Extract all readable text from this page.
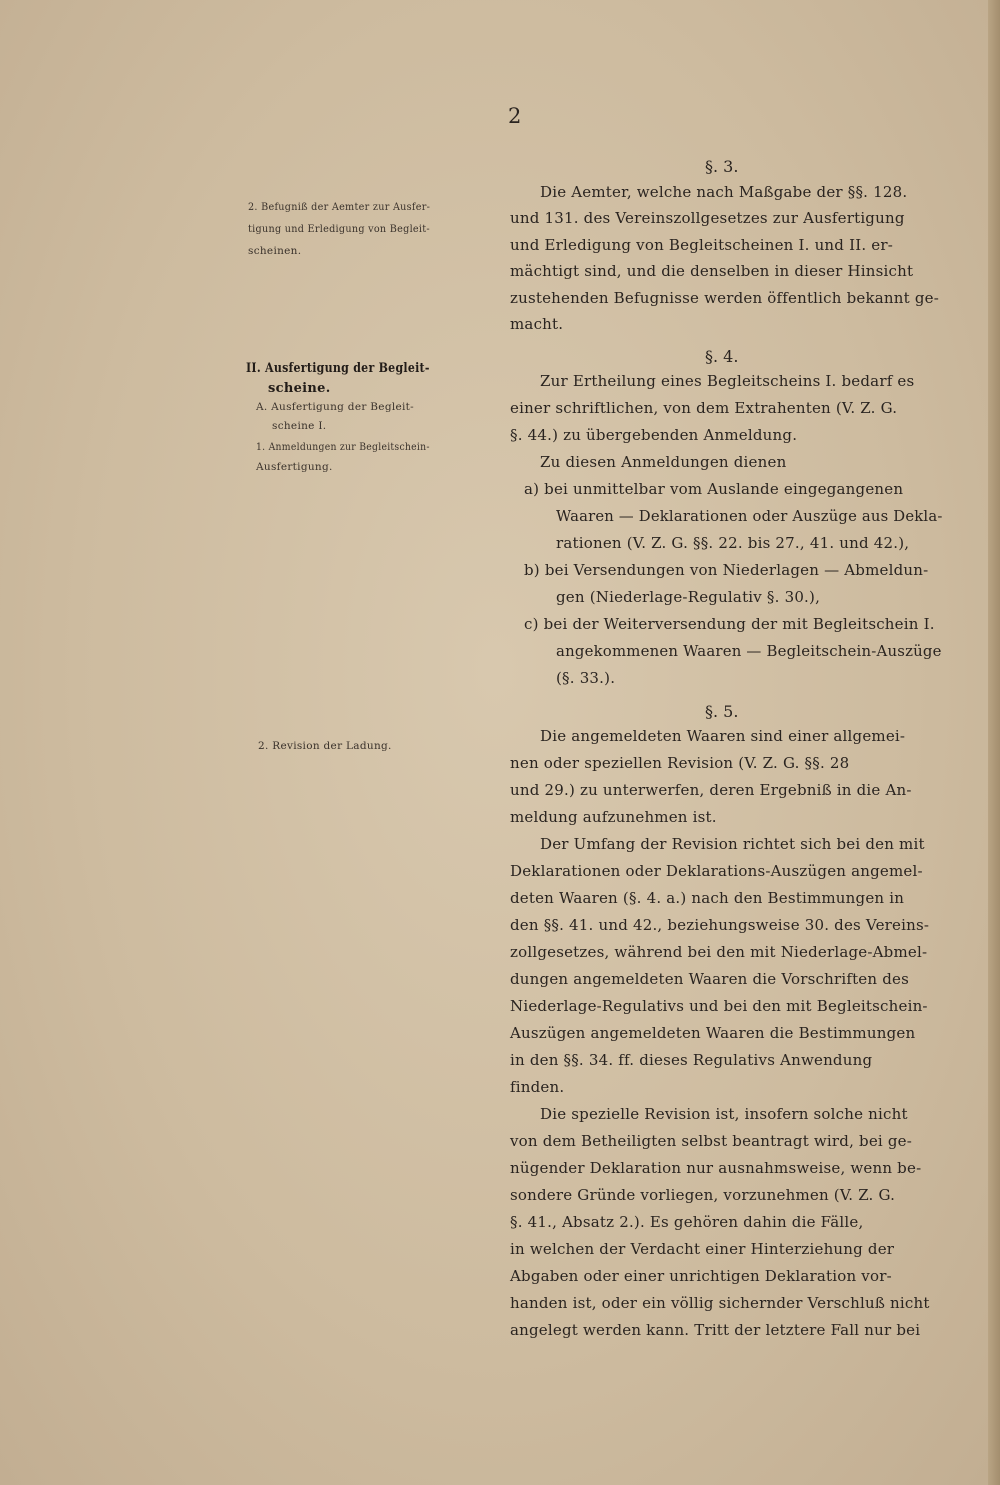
2
2. Befugniß der Aemter zur Ausfer-
tigung und Erledigung von Begleit-
scheinen.
II. Ausfertigung der Begleit-
scheine.
A. Ausfertigung der Begleit-
scheine I.
1. Anmeldungen zur Begleitschein-
Ausfertigung.
2. Revision der Ladung.
§. 3.
§. 4.
§. 5.
Die Aemter, welche nach Maßgabe der §§. 128.
und 131. des Vereinszollgesetzes zur Ausfertigung
und Erledigung von Begleitscheinen I. und II. er-
mächtigt sind, und die denselben in dieser Hinsicht
zustehenden Befugnisse werden öffentlich bekannt ge-
macht.
Zur Ertheilung eines Begleitscheins I. bedarf es
einer schriftlichen, von dem Extrahenten (V. Z. G.
§. 44.) zu übergebenden Anmeldung.
Zu diesen Anmeldungen dienen
a) bei unmittelbar vom Auslande eingegangenen
Waaren — Deklarationen oder Auszüge aus Dekla-
rationen (V. Z. G. §§. 22. bis 27., 41. und 42.),
b) bei Versendungen von Niederlagen — Abmeldun-
gen (Niederlage-Regulativ §. 30.),
c) bei der Weiterversendung der mit Begleitschein I.
angekommenen Waaren — Begleitschein-Auszüge
(§. 33.).
Die angemeldeten Waaren sind einer allgemei-
nen oder speziellen Revision (V. Z. G. §§. 28
und 29.) zu unterwerfen, deren Ergebniß in die An-
meldung aufzunehmen ist.
Der Umfang der Revision richtet sich bei den mit
Deklarationen oder Deklarations-Auszügen angemel-
deten Waaren (§. 4. a.) nach den Bestimmungen in
den §§. 41. und 42., beziehungsweise 30. des Vereins-
zollgesetzes, während bei den mit Niederlage-Abmel-
dungen angemeldeten Waaren die Vorschriften des
Niederlage-Regulativs und bei den mit Begleitschein-
Auszügen angemeldeten Waaren die Bestimmungen
in den §§. 34. ff. dieses Regulativs Anwendung
finden.
Die spezielle Revision ist, insofern solche nicht
von dem Betheiligten selbst beantragt wird, bei ge-
nügender Deklaration nur ausnahmsweise, wenn be-
sondere Gründe vorliegen, vorzunehmen (V. Z. G.
§. 41., Absatz 2.). Es gehören dahin die Fälle,
in welchen der Verdacht einer Hinterziehung der
Abgaben oder einer unrichtigen Deklaration vor-
handen ist, oder ein völlig sichernder Verschluß nicht
angelegt werden kann. Tritt der letztere Fall nur bei
